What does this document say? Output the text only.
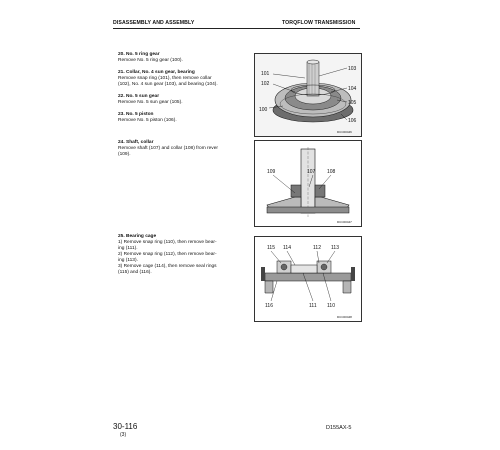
DISASSEMBLY AND ASSEMBLY	TORQFLOW TRANSMISSION
20. No. 5 ring gear
Remove No. 5 ring gear (100).
21. Collar, No. 4 sun gear, bearing
Remove snap ring (101), then remove collar
(102), No. 4 sun gear (103), and bearing (104).
22. No. 5 sun gear
Remove No. 5 sun gear (105).
23. No. 5 piston
Remove No. 5 piston (106).
24. Shaft, collar
Remove shaft (107) and collar (108) from rever
(109).
25. Bearing cage
1) Remove snap ring (110), then remove bear-
ing (111).
2) Remove snap ring (112), then remove bear-
ing (113).
3) Remove cage (114), then remove seal rings
(115) and (116).
101
102
100
103
104
105
106
DCC00446
109	107 108
DCC00447
115 114	112 113
116	111 110
DCC00448
30-116
(3)
D155AX-5
